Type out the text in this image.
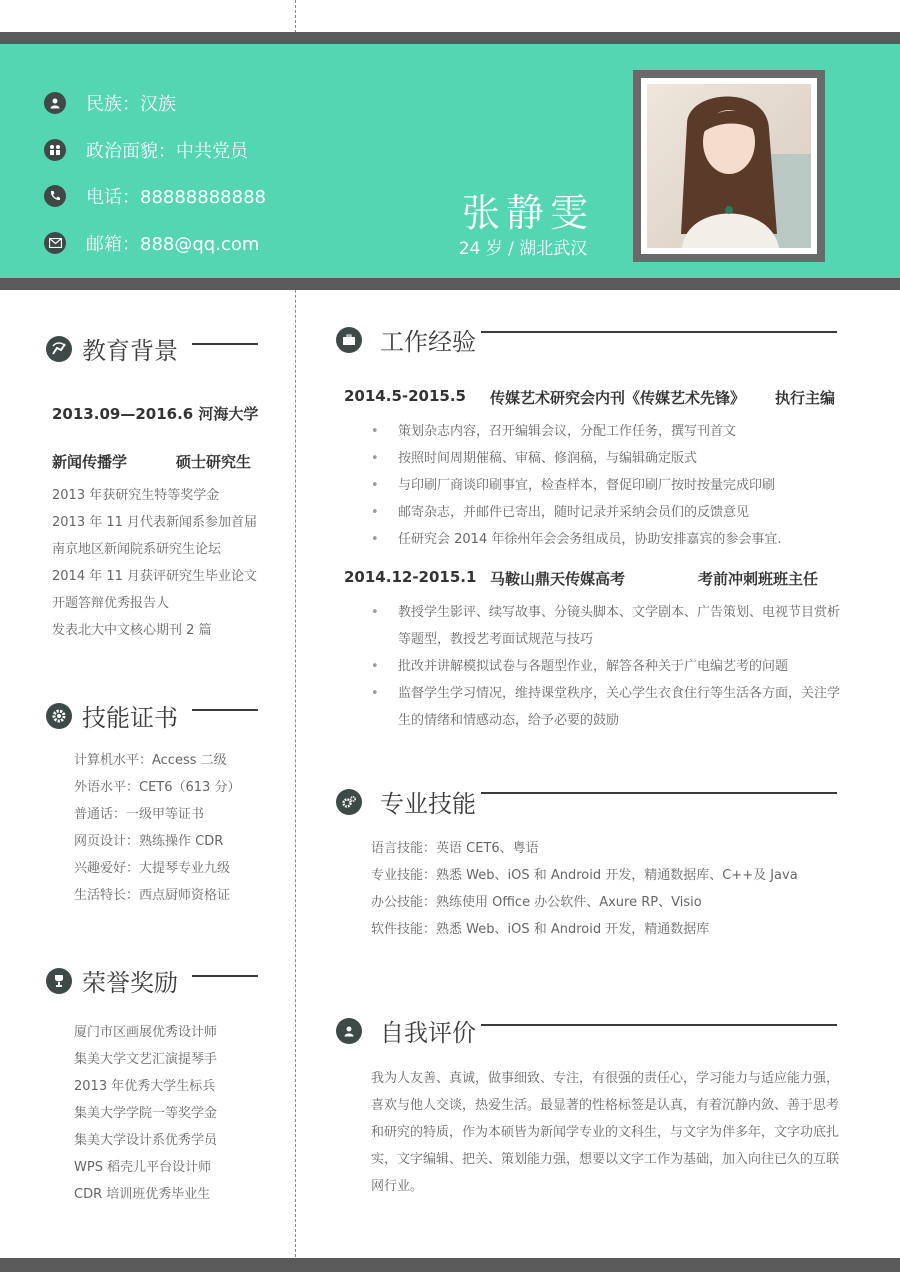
民族：汉族
政治面貌：中共党员
电话：88888888888
邮箱：888@qq.com
张静雯
24 岁 / 湖北武汉
教育背景
2013.09—2016.6 河海大学
新闻传播学	硕士研究生
2013 年获研究生特等奖学金
2013 年 11 月代表新闻系参加首届
南京地区新闻院系研究生论坛
2014 年 11 月获评研究生毕业论文
开题答辩优秀报告人
发表北大中文核心期刊 2 篇
技能证书
计算机水平：Access 二级
外语水平：CET6（613 分）
普通话：一级甲等证书
网页设计：熟练操作 CDR
兴趣爱好：大提琴专业九级
生活特长：西点厨师资格证
荣誉奖励
厦门市区画展优秀设计师
集美大学文艺汇演提琴手
2013 年优秀大学生标兵
集美大学学院一等奖学金
集美大学设计系优秀学员
WPS 稻壳儿平台设计师
CDR 培训班优秀毕业生
工作经验
2014.5-2015.5 传媒艺术研究会内刊《传媒艺术先锋》 执行主编
• 策划杂志内容，召开编辑会议，分配工作任务，撰写刊首文
• 按照时间周期催稿、审稿、修润稿，与编辑确定版式
• 与印刷厂商谈印刷事宜，检查样本，督促印刷厂按时按量完成印刷
• 邮寄杂志，并邮件已寄出，随时记录并采纳会员们的反馈意见
• 任研究会 2014 年徐州年会会务组成员，协助安排嘉宾的参会事宜.
2014.12-2015.1 马鞍山鼎天传媒高考	考前冲刺班班主任
• 教授学生影评、续写故事、分镜头脚本、文学剧本、广告策划、电视节目赏析等题型，教授艺考面试规范与技巧
• 批改并讲解模拟试卷与各题型作业，解答各种关于广电编艺考的问题
• 监督学生学习情况，维持课堂秩序，关心学生衣食住行等生活各方面，关注学生的情绪和情感动态，给予必要的鼓励
专业技能
语言技能：英语 CET6、粤语
专业技能：熟悉 Web、iOS 和 Android 开发，精通数据库、C++及 Java
办公技能：熟练使用 Office 办公软件、Axure RP、Visio
软件技能：熟悉 Web、iOS 和 Android 开发，精通数据库
自我评价
我为人友善、真诚，做事细致、专注，有很强的责任心，学习能力与适应能力强，喜欢与他人交谈，热爱生活。最显著的性格标签是认真，有着沉静内敛、善于思考和研究的特质，作为本硕皆为新闻学专业的文科生，与文字为伴多年，文字功底扎实，文字编辑、把关、策划能力强，想要以文字工作为基础，加入向往已久的互联网行业。
